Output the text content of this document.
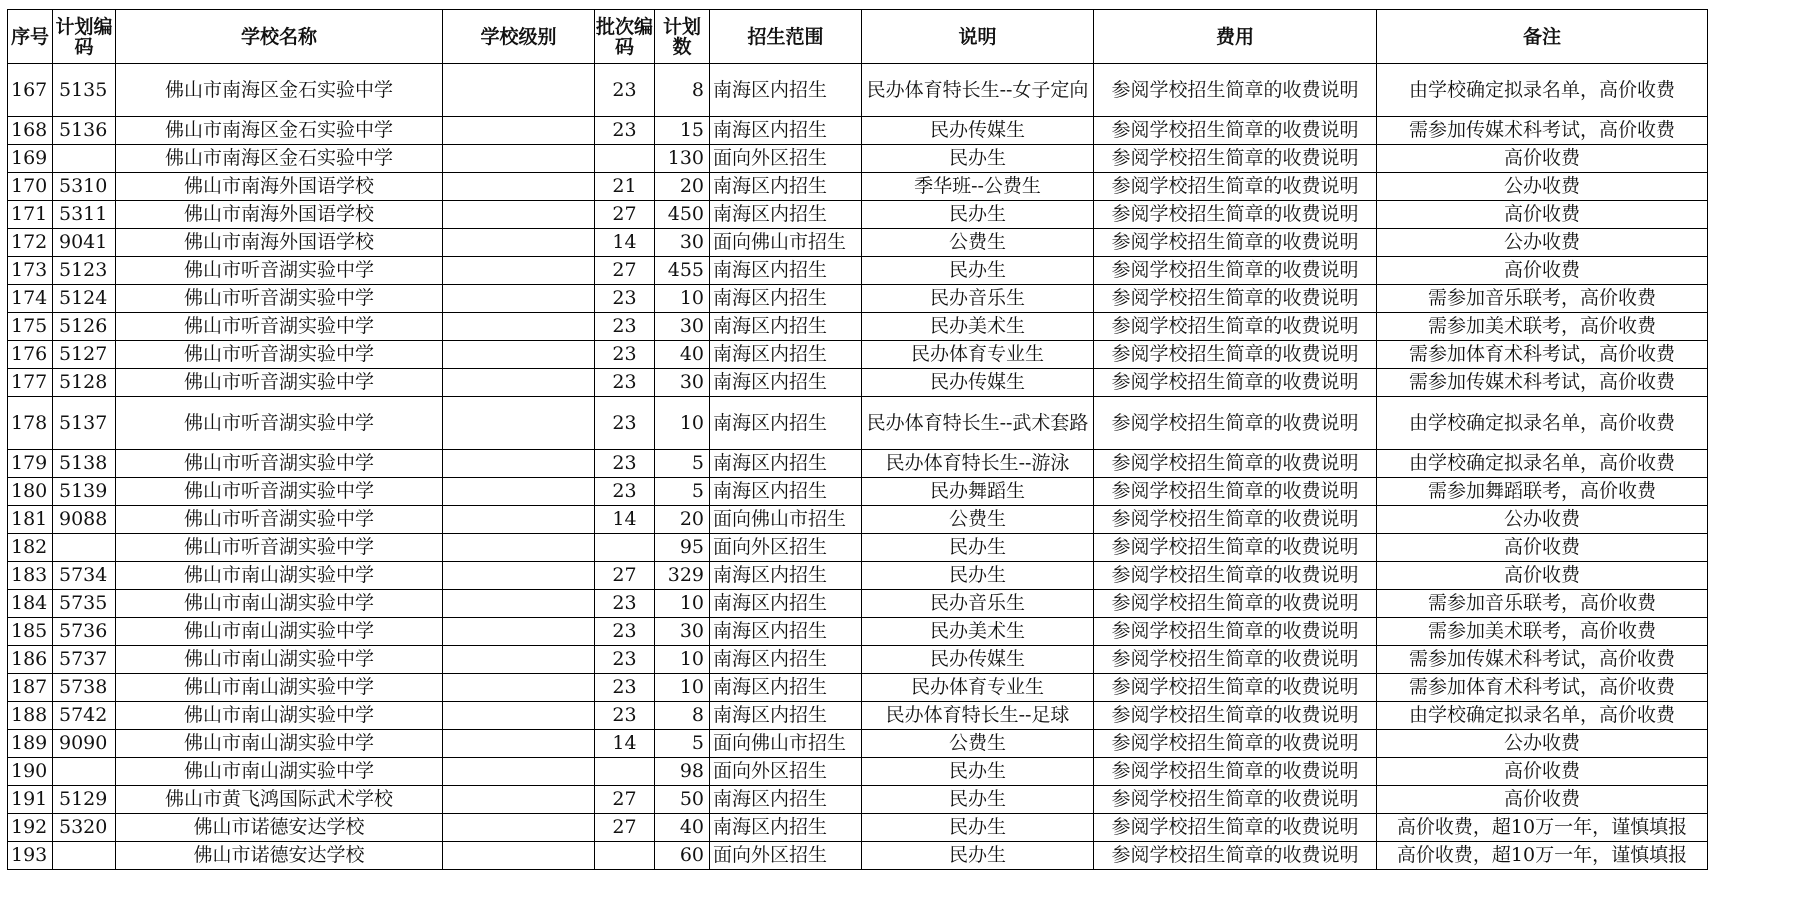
序号	计划编码	学校名称	学校级别	批次编码	计划数	招生范围	说明	费用	备注
167	5135	佛山市南海区金石实验中学		23	8	南海区内招生	民办体育特长生--女子定向	参阅学校招生简章的收费说明	由学校确定拟录名单，高价收费
168	5136	佛山市南海区金石实验中学		23	15	南海区内招生	民办传媒生	参阅学校招生简章的收费说明	需参加传媒术科考试，高价收费
169		佛山市南海区金石实验中学			130	面向外区招生	民办生	参阅学校招生简章的收费说明	高价收费
170	5310	佛山市南海外国语学校		21	20	南海区内招生	季华班--公费生	参阅学校招生简章的收费说明	公办收费
171	5311	佛山市南海外国语学校		27	450	南海区内招生	民办生	参阅学校招生简章的收费说明	高价收费
172	9041	佛山市南海外国语学校		14	30	面向佛山市招生	公费生	参阅学校招生简章的收费说明	公办收费
173	5123	佛山市听音湖实验中学		27	455	南海区内招生	民办生	参阅学校招生简章的收费说明	高价收费
174	5124	佛山市听音湖实验中学		23	10	南海区内招生	民办音乐生	参阅学校招生简章的收费说明	需参加音乐联考，高价收费
175	5126	佛山市听音湖实验中学		23	30	南海区内招生	民办美术生	参阅学校招生简章的收费说明	需参加美术联考，高价收费
176	5127	佛山市听音湖实验中学		23	40	南海区内招生	民办体育专业生	参阅学校招生简章的收费说明	需参加体育术科考试，高价收费
177	5128	佛山市听音湖实验中学		23	30	南海区内招生	民办传媒生	参阅学校招生简章的收费说明	需参加传媒术科考试，高价收费
178	5137	佛山市听音湖实验中学		23	10	南海区内招生	民办体育特长生--武术套路	参阅学校招生简章的收费说明	由学校确定拟录名单，高价收费
179	5138	佛山市听音湖实验中学		23	5	南海区内招生	民办体育特长生--游泳	参阅学校招生简章的收费说明	由学校确定拟录名单，高价收费
180	5139	佛山市听音湖实验中学		23	5	南海区内招生	民办舞蹈生	参阅学校招生简章的收费说明	需参加舞蹈联考，高价收费
181	9088	佛山市听音湖实验中学		14	20	面向佛山市招生	公费生	参阅学校招生简章的收费说明	公办收费
182		佛山市听音湖实验中学			95	面向外区招生	民办生	参阅学校招生简章的收费说明	高价收费
183	5734	佛山市南山湖实验中学		27	329	南海区内招生	民办生	参阅学校招生简章的收费说明	高价收费
184	5735	佛山市南山湖实验中学		23	10	南海区内招生	民办音乐生	参阅学校招生简章的收费说明	需参加音乐联考，高价收费
185	5736	佛山市南山湖实验中学		23	30	南海区内招生	民办美术生	参阅学校招生简章的收费说明	需参加美术联考，高价收费
186	5737	佛山市南山湖实验中学		23	10	南海区内招生	民办传媒生	参阅学校招生简章的收费说明	需参加传媒术科考试，高价收费
187	5738	佛山市南山湖实验中学		23	10	南海区内招生	民办体育专业生	参阅学校招生简章的收费说明	需参加体育术科考试，高价收费
188	5742	佛山市南山湖实验中学		23	8	南海区内招生	民办体育特长生--足球	参阅学校招生简章的收费说明	由学校确定拟录名单，高价收费
189	9090	佛山市南山湖实验中学		14	5	面向佛山市招生	公费生	参阅学校招生简章的收费说明	公办收费
190		佛山市南山湖实验中学			98	面向外区招生	民办生	参阅学校招生简章的收费说明	高价收费
191	5129	佛山市黄飞鸿国际武术学校		27	50	南海区内招生	民办生	参阅学校招生简章的收费说明	高价收费
192	5320	佛山市诺德安达学校		27	40	南海区内招生	民办生	参阅学校招生简章的收费说明	高价收费，超10万一年，谨慎填报
193		佛山市诺德安达学校			60	面向外区招生	民办生	参阅学校招生简章的收费说明	高价收费，超10万一年，谨慎填报
